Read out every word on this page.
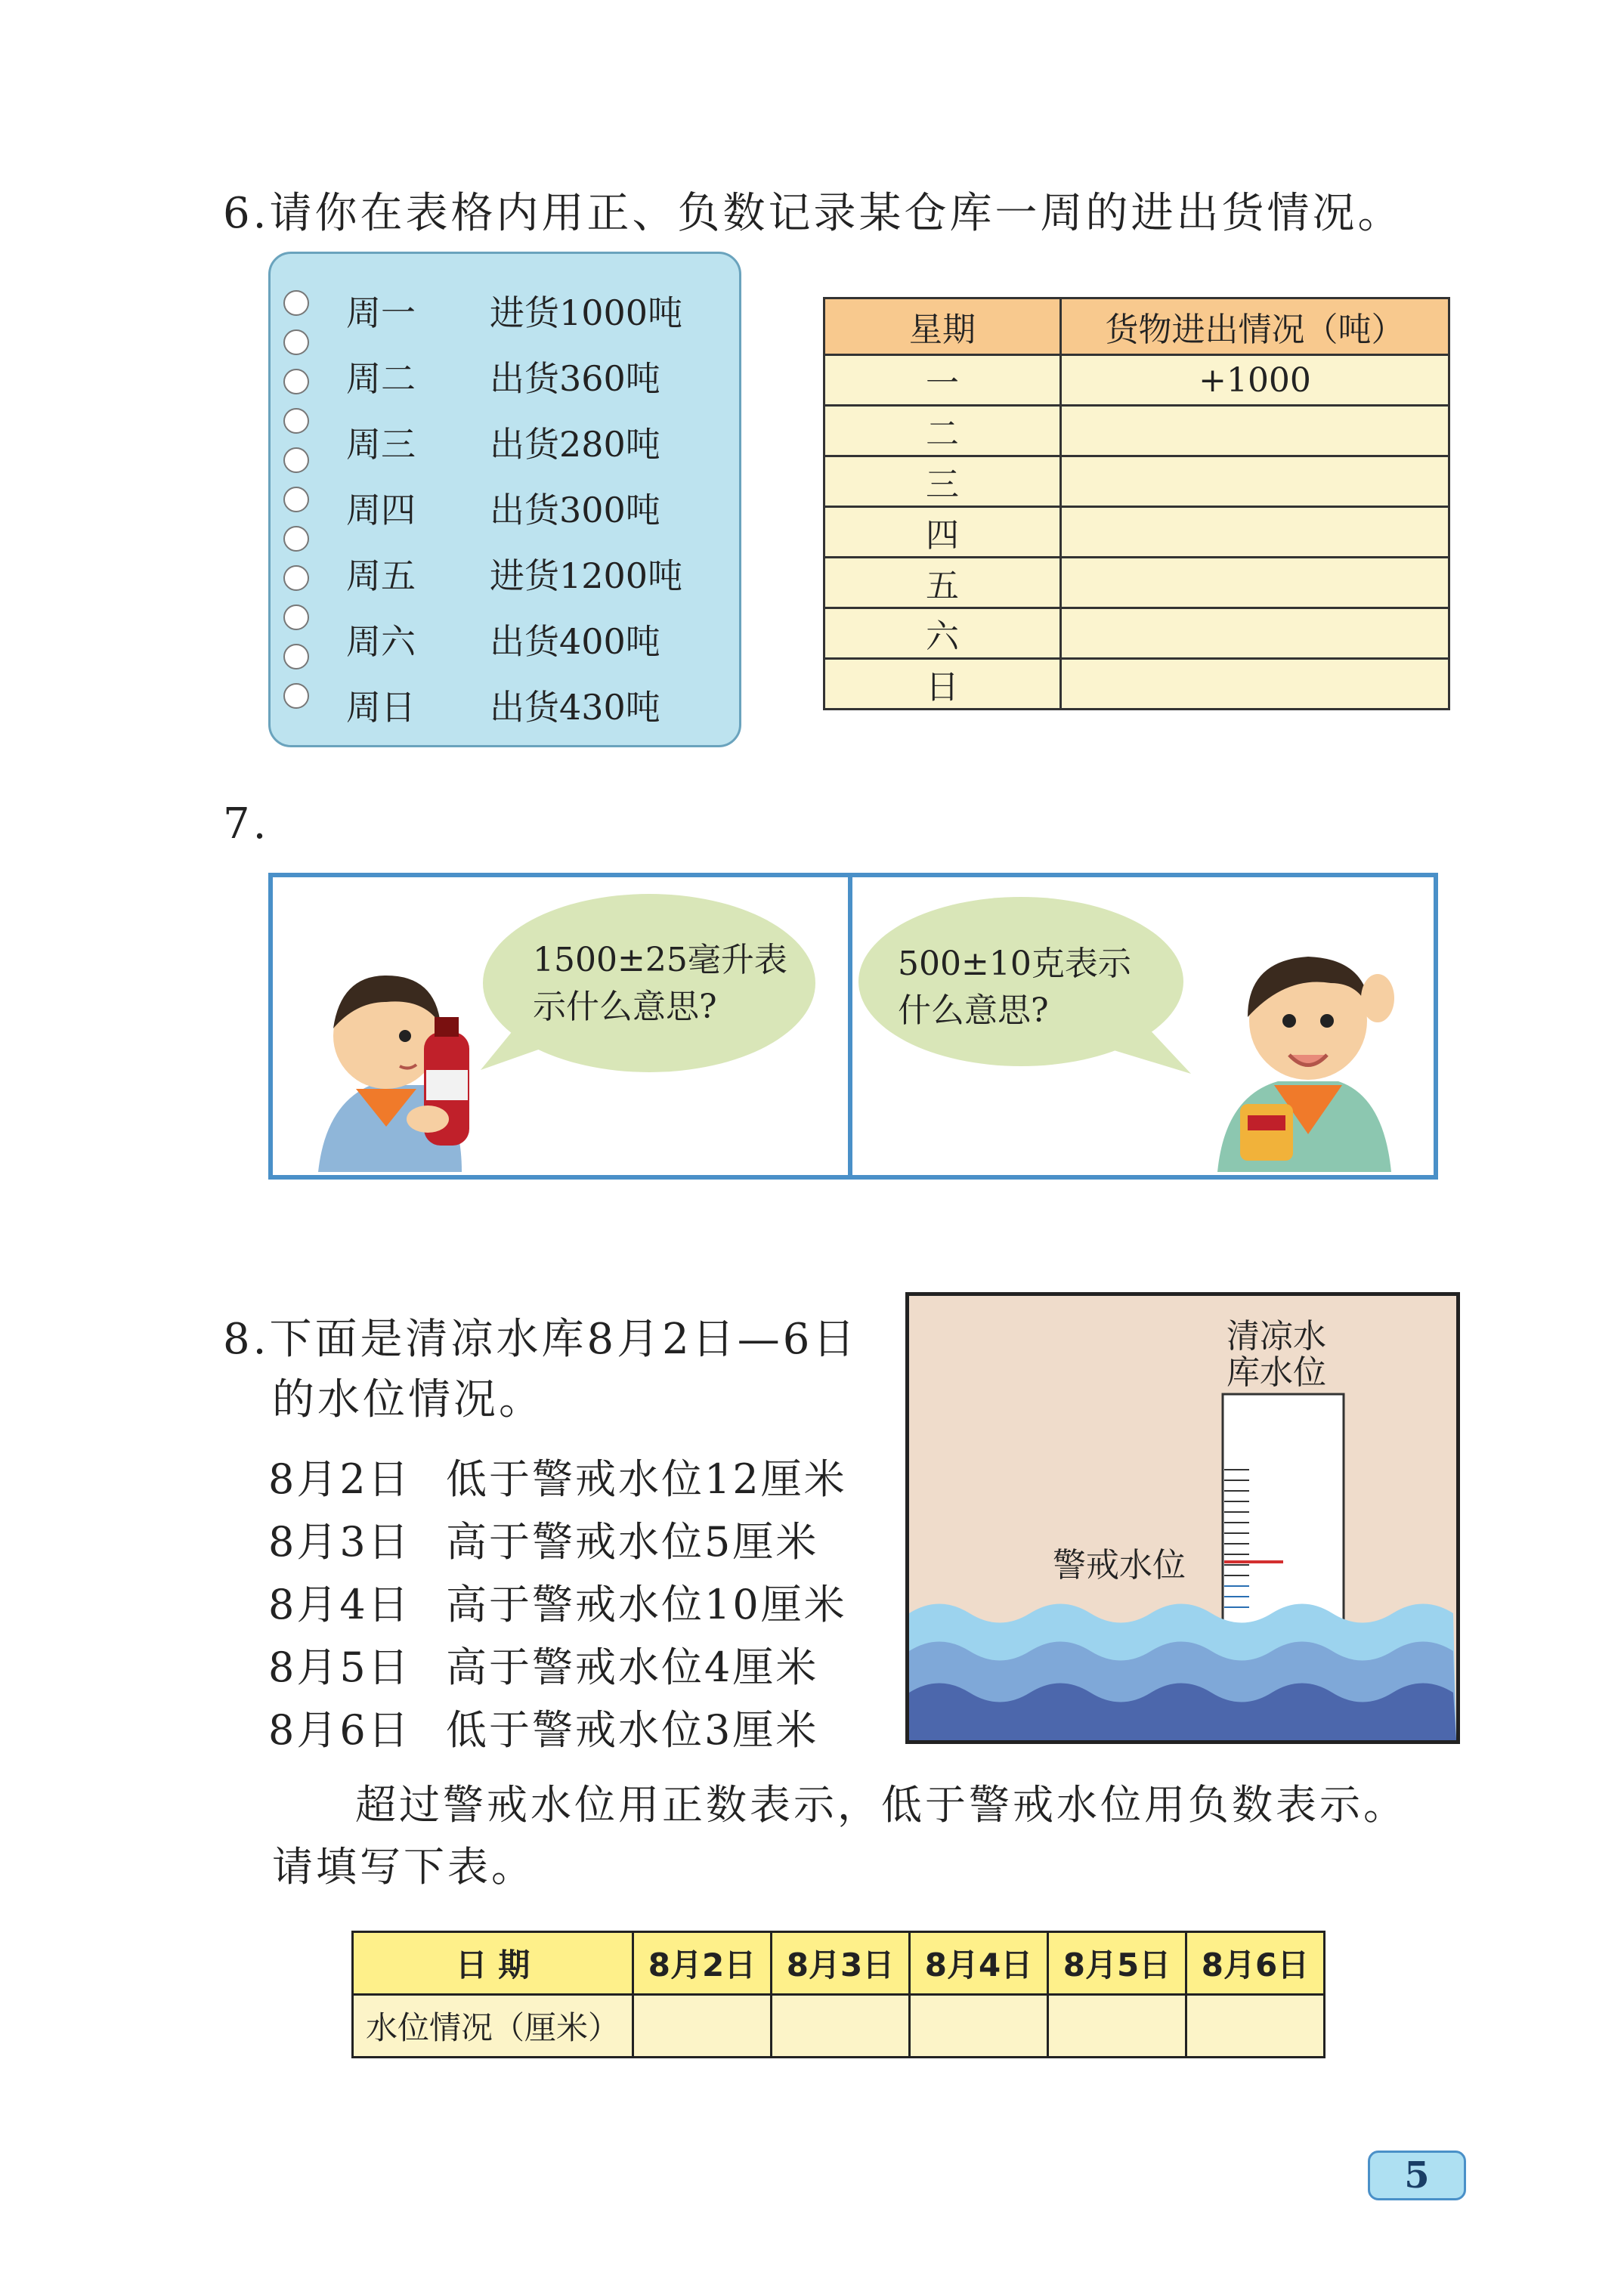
6.请你在表格内用正、负数记录某仓库一周的进出货情况。
周一 进货1000吨
周二 出货360吨
周三 出货280吨
周四 出货300吨
周五 进货1200吨
周六 出货400吨
周日 出货430吨
星期	货物进出情况（吨）
一	+1000
二	
三	
四	
五	
六	
日	
7.
1500±25毫升表
示什么意思?
500±10克表示
什么意思?
8.下面是清凉水库8月2日—6日
的水位情况。
8月2日 低于警戒水位12厘米
8月3日 高于警戒水位5厘米
8月4日 高于警戒水位10厘米
8月5日 高于警戒水位4厘米
8月6日 低于警戒水位3厘米
清凉水
库水位
警戒水位
超过警戒水位用正数表示，低于警戒水位用负数表示。
请填写下表。
日 期	8月2日	8月3日	8月4日	8月5日	8月6日
水位情况（厘米）					
5
